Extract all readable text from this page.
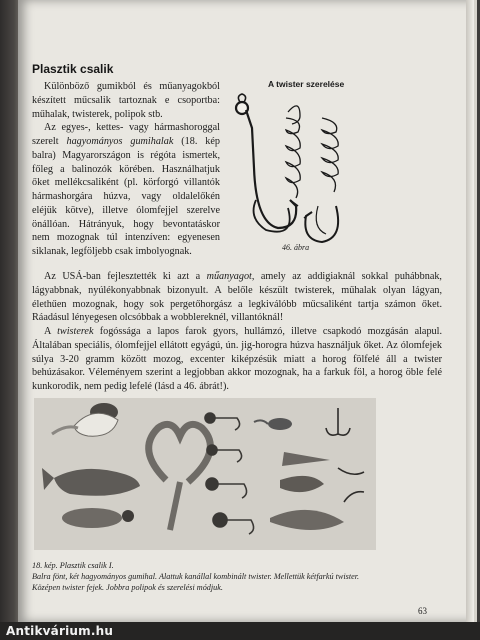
Plasztik csalik

Különböző gumikból és műanyagokból készített műcsalik tartoznak e csoportba: műhalak, twisterek, polipok stb.

Az egyes-, kettes- vagy hármashoroggal szerelt hagyományos gumihalak (18. kép balra) Magyarországon is régóta ismertek, főleg a balinozók körében. Használhatjuk őket mellékcsaliként (pl. körforgó villantók hármashorgára húzva, vagy oldalelőkén eléjük kötve), illetve ólomfejjel szerelve önállóan. Hátrányuk, hogy bevontatáskor nem mozognak túl intenzíven: egyenesen siklanak, legföljebb csak imbolyognak.

A twister szerelése
46. ábra

Az USÁ-ban fejlesztették ki azt a műanyagot, amely az addigiaknál sokkal puhábbnak, lágyabbnak, nyúlékonyabbnak bizonyult. A belőle készült twisterek, műhalak olyan lágyan, élethűen mozognak, hogy sok pergetőhorgász a legkiválóbb műcsaliként tartja számon őket. Ráadásul lényegesen olcsóbbak a wobblereknél, villantóknál!

A twisterek fogóssága a lapos farok gyors, hullámzó, illetve csapkodó mozgásán alapul. Általában speciális, ólomfejjel ellátott egyágú, ún. jig-horogra húzva használjuk őket. Az ólomfejek súlya 3-20 gramm között mozog, excenter kiképzésük miatt a horog fölfelé áll a twister behúzásakor. Véleményem szerint a legjobban akkor mozognak, ha a farkuk föl, a horog öble felé kunkorodik, nem pedig lefelé (lásd a 46. ábrát!).

18. kép. Plasztik csalik I.
Balra fönt, két hagyományos gumihal. Alattuk kanállal kombinált twister. Mellettük kétfarkú twister.
Középen twister fejek. Jobbra polipok és szerelési módjuk.
63
Antikvárium.hu
